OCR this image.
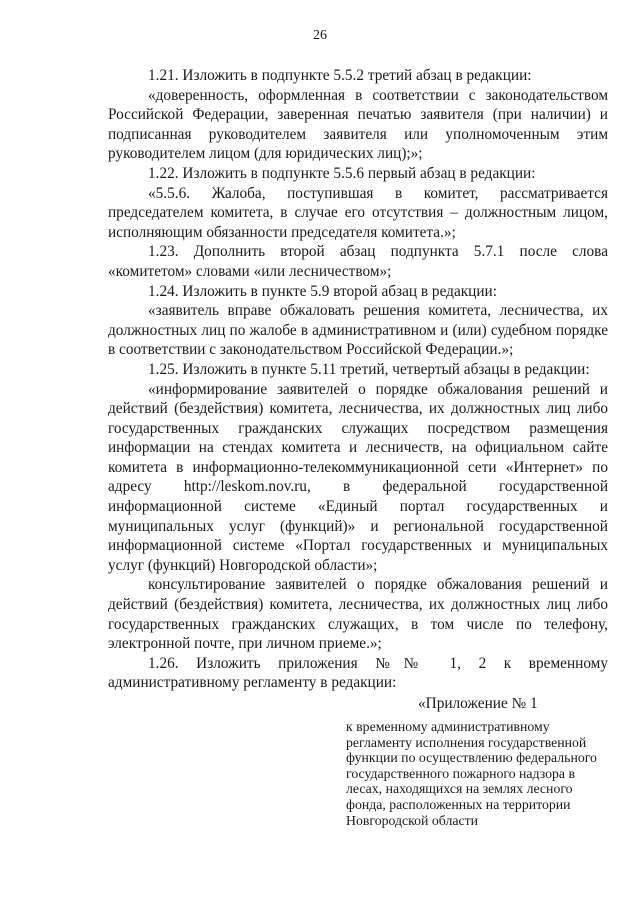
26

1.21. Изложить в подпункте 5.5.2 третий абзац в редакции:

«доверенность, оформленная в соответствии с законодательством Российской Федерации, заверенная печатью заявителя (при наличии) и подписанная руководителем заявителя или уполномоченным этим руководителем лицом (для юридических лиц);»;

1.22. Изложить в подпункте 5.5.6 первый абзац в редакции:

«5.5.6. Жалоба, поступившая в комитет, рассматривается председателем комитета, в случае его отсутствия – должностным лицом, исполняющим обязанности председателя комитета.»;

1.23. Дополнить второй абзац подпункта 5.7.1 после слова «комитетом» словами «или лесничеством»;

1.24. Изложить в пункте 5.9 второй абзац в редакции:

«заявитель вправе обжаловать решения комитета, лесничества, их должностных лиц по жалобе в административном и (или) судебном порядке в соответствии с законодательством Российской Федерации.»;

1.25. Изложить в пункте 5.11 третий, четвертый абзацы в редакции:

«информирование заявителей о порядке обжалования решений и действий (бездействия) комитета, лесничества, их должностных лиц либо государственных гражданских служащих посредством размещения информации на стендах комитета и лесничеств, на официальном сайте комитета в информационно-телекоммуникационной сети «Интернет» по адресу http://leskom.nov.ru, в федеральной государственной информационной системе «Единый портал государственных и муниципальных услуг (функций)» и региональной государственной информационной системе «Портал государственных и муниципальных услуг (функций) Новгородской области»;

консультирование заявителей о порядке обжалования решений и действий (бездействия) комитета, лесничества, их должностных лиц либо государственных гражданских служащих, в том числе по телефону, электронной почте, при личном приеме.»;

1.26. Изложить приложения №№ 1, 2 к временному административному регламенту в редакции:

«Приложение № 1

к временному административному регламенту исполнения государственной функции по осуществлению федерального государственного пожарного надзора в лесах, находящихся на землях лесного фонда, расположенных на территории Новгородской области
